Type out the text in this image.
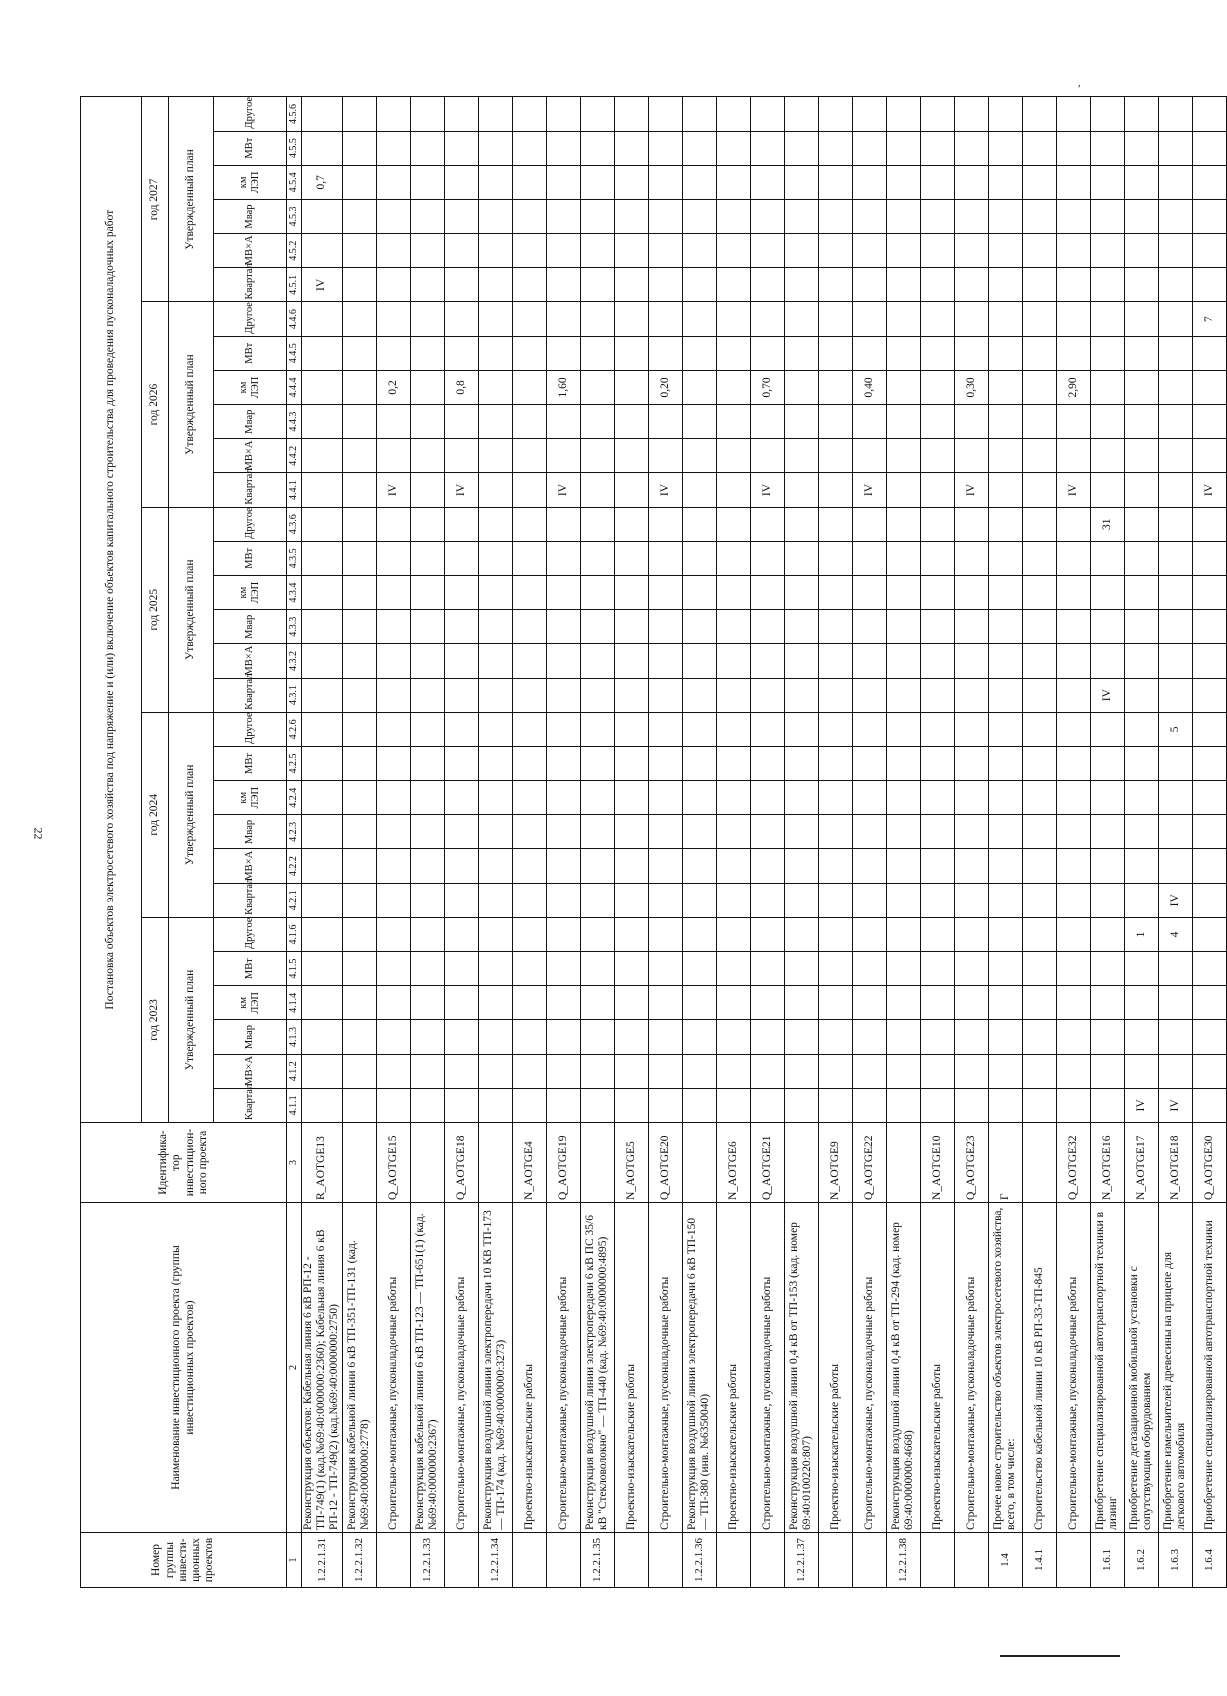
22
,
Номер группы инвести-ционных проектов	Наименование инвестиционного проекта (группы инвестиционных проектов)	Идентифика-тор инвестицион-ного проекта	Постановка объектов электросетевого хозяйства под напряжение и (или) включение объектов капитального строительства для проведения пусконаладочных работ																													
			год 2023						год 2024						год 2025						год 2026						год 2027					
			Утвержденный план						Утвержденный план						Утвержденный план						Утвержденный план						Утвержденный план					
			Квартал	МВ×А	Мвар	км ЛЭП	МВт	Другое	Квартал	МВ×А	Мвар	км ЛЭП	МВт	Другое	Квартал	МВ×А	Мвар	км ЛЭП	МВт	Другое	Квартал	МВ×А	Мвар	км ЛЭП	МВт	Другое	Квартал	МВ×А	Мвар	км ЛЭП	МВт	Другое
1	2	3	4.1.1	4.1.2	4.1.3	4.1.4	4.1.5	4.1.6	4.2.1	4.2.2	4.2.3	4.2.4	4.2.5	4.2.6	4.3.1	4.3.2	4.3.3	4.3.4	4.3.5	4.3.6	4.4.1	4.4.2	4.4.3	4.4.4	4.4.5	4.4.6	4.5.1	4.5.2	4.5.3	4.5.4	4.5.5	4.5.6
1.2.2.1.31	Реконструкция объектов: Кабельная линия 6 кВ РП-12 - ТП-749(1) (кад.№69:40:0000000:2360); Кабельная линия 6 кВ РП-12 - ТП-749(2) (кад.№69:40:0000000:2750)	R_AOTGE13																									IV			0,7		
1.2.2.1.32	Реконструкция кабельной линии 6 кВ ТП-351-ТП-131 (кад. №69:40:0000000:2778)																															
	Строительно-монтажные, пусконаладочные работы	Q_AOTGE15																			IV			0,2								
1.2.2.1.33	Реконструкция кабельной линии 6 кВ ТП-123 — ТП-651(1) (кад. №69:40:0000000:2367)																															
	Строительно-монтажные, пусконаладочные работы	Q_AOTGE18																			IV			0,8								
1.2.2.1.34	Реконструкция воздушной линии электропередачи 10 КВ ТП-173 — ТП-174 (кад. №69:40:0000000:3273)																															
	Проектно-изыскательские работы	N_AOTGE4																														
	Строительно-монтажные, пусконаладочные работы	Q_AOTGE19																			IV			1,60								
1.2.2.1.35	Реконструкция воздушной линии электропередачи 6 кВ ПС 35/6 кВ "Стекловолокно" — ТП-440 (кад. №69:40:0000000:4895)																															
	Проектно-изыскательские работы	N_AOTGE5																														
	Строительно-монтажные, пусконаладочные работы	Q_AOTGE20																			IV			0,20								
1.2.2.1.36	Реконструкция воздушной линии электропередачи 6 кВ ТП-150 — ТП-380 (инв. №6350040)																															
	Проектно-изыскательские работы	N_AOTGE6																														
	Строительно-монтажные, пусконаладочные работы	Q_AOTGE21																			IV			0,70								
1.2.2.1.37	Реконструкция воздушной линии 0,4 кВ от ТП-153 (кад. номер 69:40:0100220:807)																															
	Проектно-изыскательские работы	N_AOTGE9																														
	Строительно-монтажные, пусконаладочные работы	Q_AOTGE22																			IV			0,40								
1.2.2.1.38	Реконструкция воздушной линии 0,4 кВ от ТП-294 (кад. номер 69:40:0000000:4668)																															
	Проектно-изыскательские работы	N_AOTGE10																														
	Строительно-монтажные, пусконаладочные работы	Q_AOTGE23																			IV			0,30								
1.4	Прочее новое строительство объектов электросетевого хозяйства, всего, в том числе:	Г																														
1.4.1	Строительство кабельной линии 10 кВ РП-33-ТП-845																															
	Строительно-монтажные, пусконаладочные работы	Q_AOTGE32																			IV			2,90								
1.6.1	Приобретение специализированной автотранспортной техники в лизинг	N_AOTGE16													IV					31												
1.6.2	Приобретение дегазационной мобильной установки с сопутствующим оборудованием	N_AOTGE17	IV					1																								
1.6.3	Приобретение измельчителей древесины на прицепе для легкового автомобиля	N_AOTGE18	IV					4	IV					5																		
1.6.4	Приобретение специализированной автотранспортной техники	Q_AOTGE30																			IV					7						
